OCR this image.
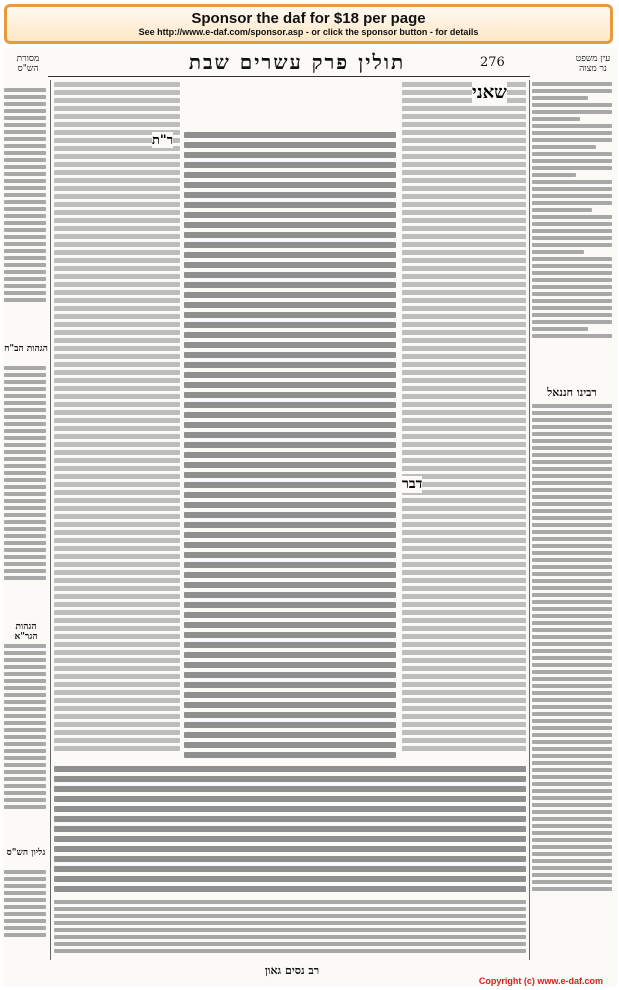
Sponsor the daf for $18 per page
See http://www.e-daf.com/sponsor.asp - or click the sponsor button - for details
מסורת הש"ס	תולין פרק עשרים שבת	276	עין משפט נר מצוה
רבינו חננאל
שאני
דבר
ר"ת
הגהות הב"ח
הגהות הגר"א
גליון הש"ס
רב נסים גאון
Copyright (c) www.e-daf.com
